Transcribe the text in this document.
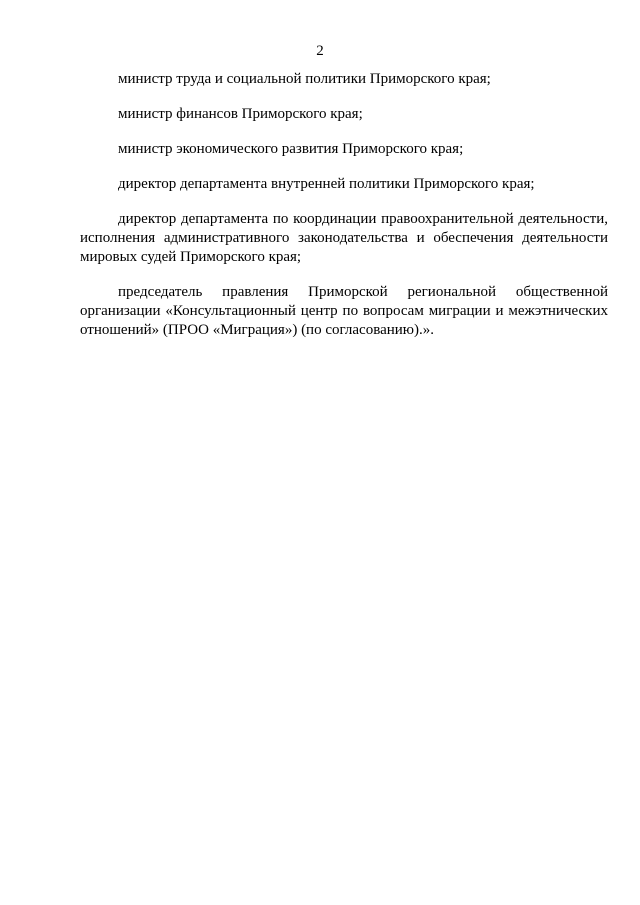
2

министр труда и социальной политики Приморского края;

министр финансов Приморского края;

министр экономического развития Приморского края;

директор департамента внутренней политики Приморского края;

директор департамента по координации правоохранительной деятельности, исполнения административного законодательства и обеспечения деятельности мировых судей Приморского края;

председатель правления Приморской региональной общественной организации «Консультационный центр по вопросам миграции и межэтнических отношений» (ПРОО «Миграция») (по согласованию).».
